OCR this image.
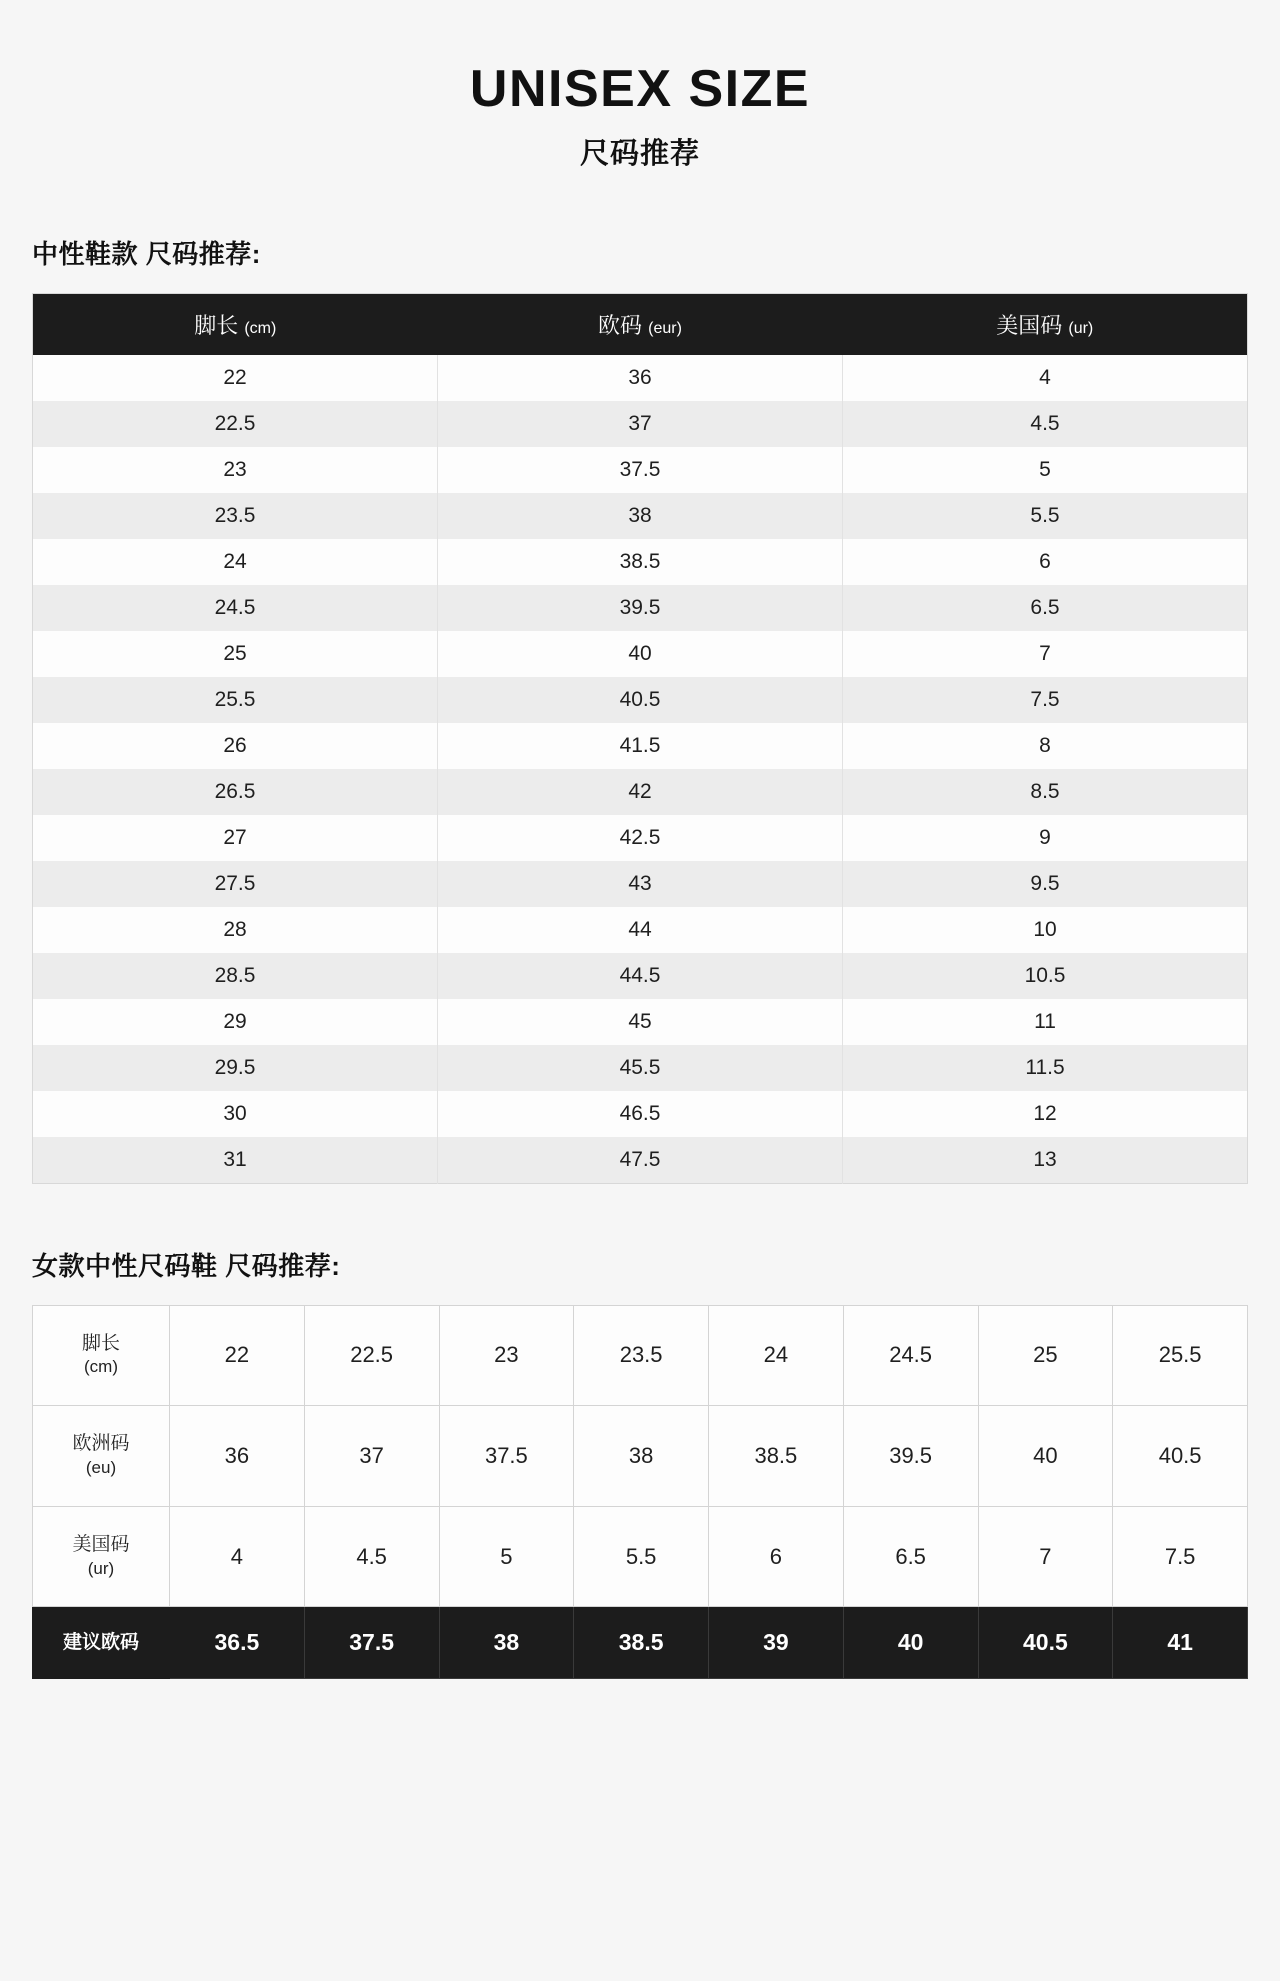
UNISEX SIZE
尺码推荐
中性鞋款 尺码推荐:
脚长 (cm)	欧码 (eur)	美国码 (ur)
22	36	4
22.5	37	4.5
23	37.5	5
23.5	38	5.5
24	38.5	6
24.5	39.5	6.5
25	40	7
25.5	40.5	7.5
26	41.5	8
26.5	42	8.5
27	42.5	9
27.5	43	9.5
28	44	10
28.5	44.5	10.5
29	45	11
29.5	45.5	11.5
30	46.5	12
31	47.5	13
女款中性尺码鞋 尺码推荐:
脚长
(cm)	22	22.5	23	23.5	24	24.5	25	25.5
欧洲码
(eu)	36	37	37.5	38	38.5	39.5	40	40.5
美国码
(ur)	4	4.5	5	5.5	6	6.5	7	7.5
建议欧码	36.5	37.5	38	38.5	39	40	40.5	41
